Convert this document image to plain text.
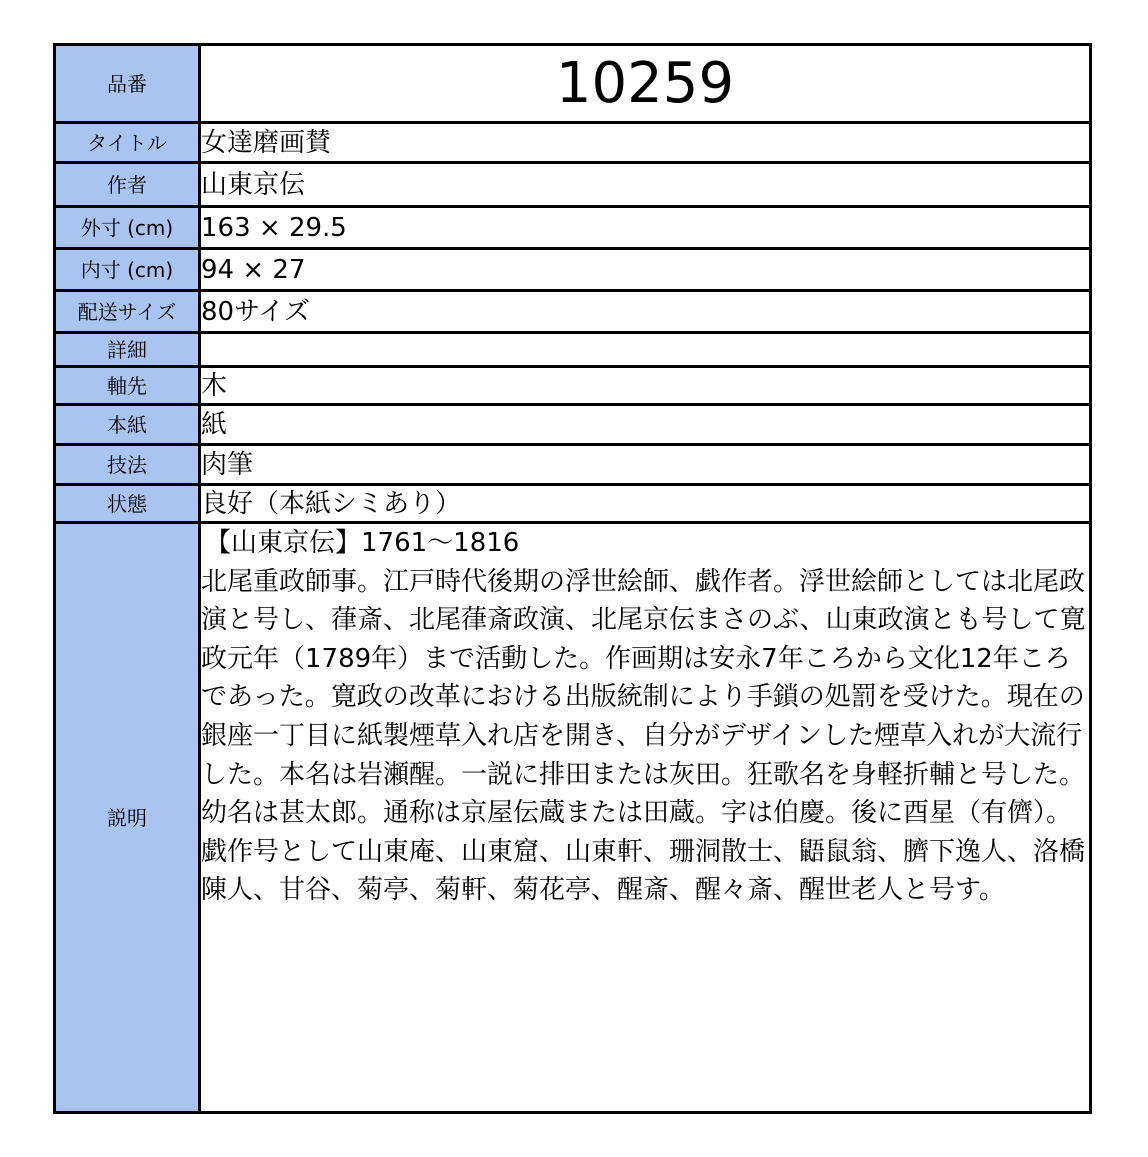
品番	10259
タイトル	女達磨画賛
作者	山東京伝
外寸 (cm)	163 × 29.5
内寸 (cm)	94 × 27
配送サイズ	80サイズ
詳細	
軸先	木
本紙	紙
技法	肉筆
状態	良好（本紙シミあり）
説明	【山東京伝】1761〜1816
北尾重政師事。江戸時代後期の浮世絵師、戯作者。浮世絵師としては北尾政演と号し、葎斎、北尾葎斎政演、北尾京伝まさのぶ、山東政演とも号して寛政元年（1789年）まで活動した。作画期は安永7年ころから文化12年ころであった。寛政の改革における出版統制により手鎖の処罰を受けた。現在の銀座一丁目に紙製煙草入れ店を開き、自分がデザインした煙草入れが大流行した。本名は岩瀬醒。一説に排田または灰田。狂歌名を身軽折輔と号した。幼名は甚太郎。通称は京屋伝蔵または田蔵。字は伯慶。後に酉星（有儕）。戯作号として山東庵、山東窟、山東軒、珊洞散士、鼯鼠翁、臍下逸人、洛橋陳人、甘谷、菊亭、菊軒、菊花亭、醒斎、醒々斎、醒世老人と号す。
